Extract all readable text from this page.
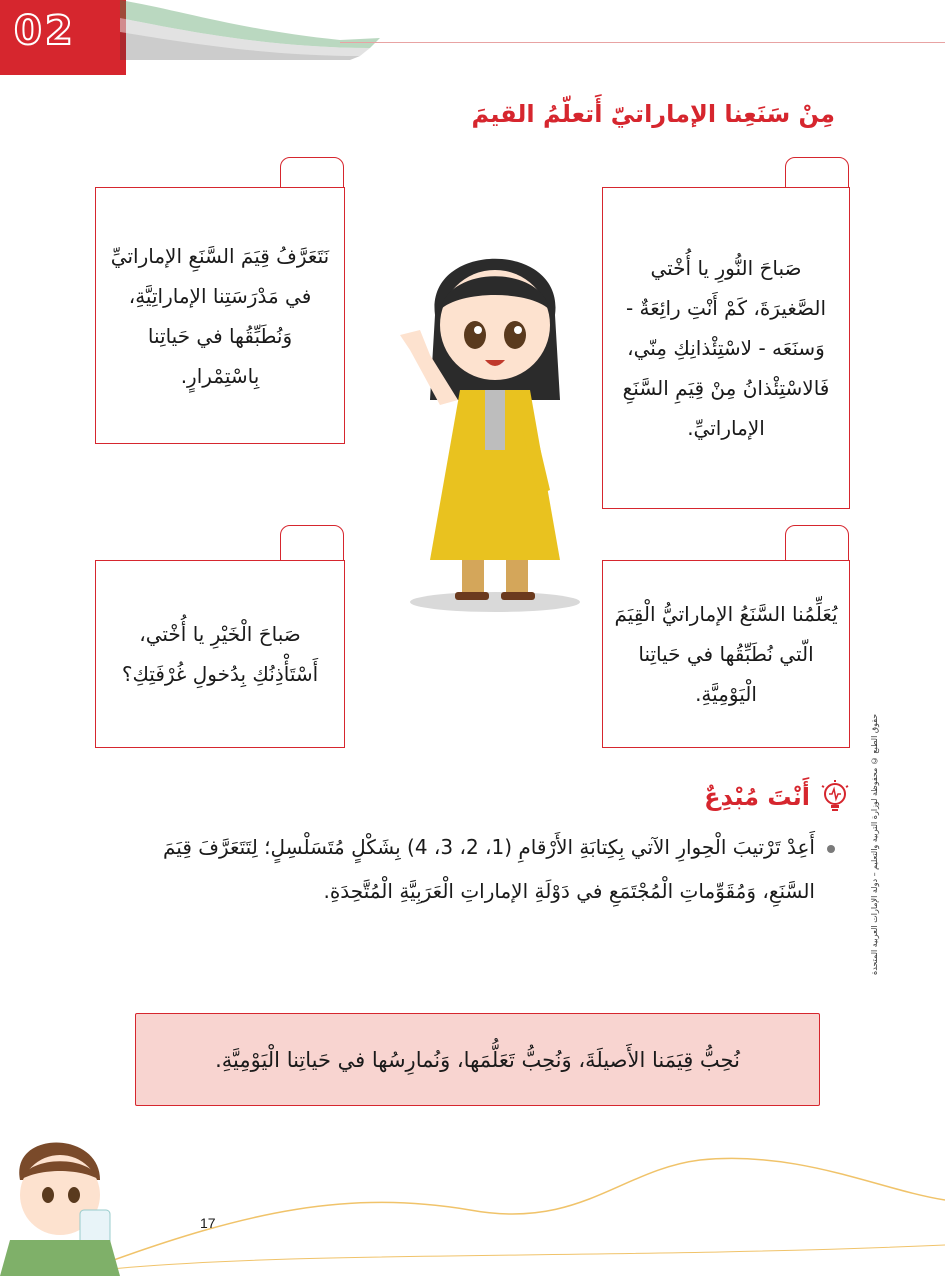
02
مِنْ سَنَعِنا الإماراتيّ أَتعلّمُ القيمَ
نَتَعَرَّفُ قِيَمَ السَّنَعِ الإماراتيِّ في مَدْرَسَتِنا الإماراتِيَّةِ، وَنُطَبِّقُها في حَياتِنا بِاسْتِمْرارٍ.
صَباحَ النُّورِ يا أُخْتي الصَّغيرَةَ، كَمْ أَنْتِ رائِعَةٌ - وَسنَعَه - لاسْتِئْذانِكِ مِنّي، فَالاسْتِئْذانُ مِنْ قِيَمِ السَّنَعِ الإماراتيِّ.
صَباحَ الْخَيْرِ يا أُخْتي، أَسْتَأْذِنُكِ بِدُخولِ غُرْفَتِكِ؟
يُعَلِّمُنا السَّنَعُ الإماراتيُّ الْقِيَمَ الّتي نُطَبِّقُها في حَياتِنا الْيَوْمِيَّةِ.
أَنْتَ مُبْدِعٌ	حقوق الطبع © محفوظة لوزارة التربية والتعليم – دولة الإمارات العربية المتحدة
أَعِدْ تَرْتيبَ الْحِوارِ الآتي بِكِتابَةِ الأَرْقامِ (1، 2، 3، 4) بِشَكْلٍ مُتَسَلْسِلٍ؛ لِتَتَعَرَّفَ قِيَمَ السَّنَعِ، وَمُقَوِّماتِ الْمُجْتَمَعِ في دَوْلَةِ الإماراتِ الْعَرَبِيَّةِ الْمُتَّحِدَةِ.
نُحِبُّ قِيَمَنا الأَصيلَةَ، وَنُحِبُّ تَعَلُّمَها، وَنُمارِسُها في حَياتِنا الْيَوْمِيَّةِ.
17
